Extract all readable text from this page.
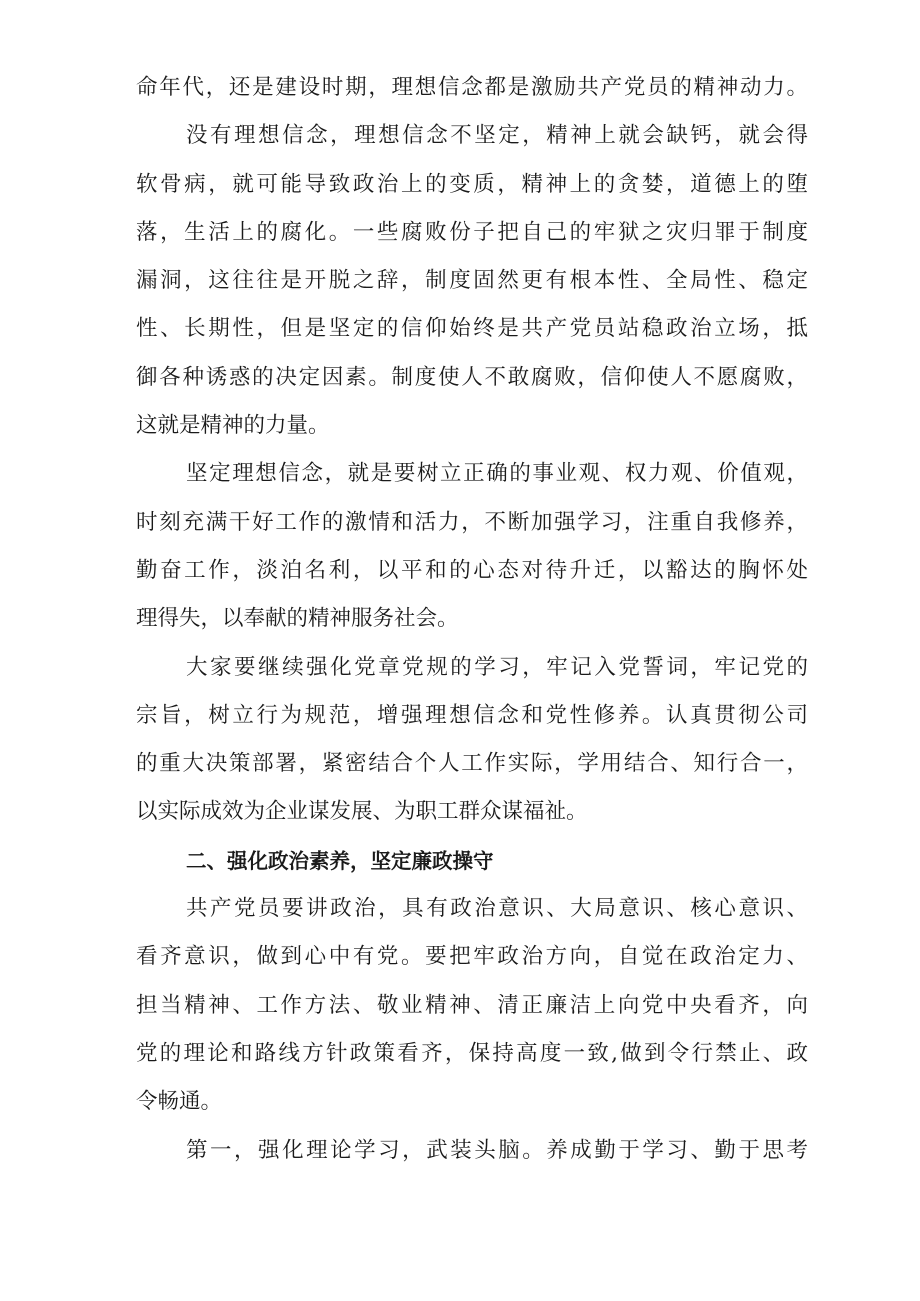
命年代，还是建设时期，理想信念都是激励共产党员的精神动力。
没有理想信念，理想信念不坚定，精神上就会缺钙，就会得
软骨病，就可能导致政治上的变质，精神上的贪婪，道德上的堕
落，生活上的腐化。一些腐败份子把自己的牢狱之灾归罪于制度
漏洞，这往往是开脱之辞，制度固然更有根本性、全局性、稳定
性、长期性，但是坚定的信仰始终是共产党员站稳政治立场，抵
御各种诱惑的决定因素。制度使人不敢腐败，信仰使人不愿腐败，
这就是精神的力量。
坚定理想信念，就是要树立正确的事业观、权力观、价值观，
时刻充满干好工作的激情和活力，不断加强学习，注重自我修养，
勤奋工作，淡泊名利，以平和的心态对待升迁，以豁达的胸怀处
理得失，以奉献的精神服务社会。
大家要继续强化党章党规的学习，牢记入党誓词，牢记党的
宗旨，树立行为规范，增强理想信念和党性修养。认真贯彻公司
的重大决策部署，紧密结合个人工作实际，学用结合、知行合一，
以实际成效为企业谋发展、为职工群众谋福祉。
二、强化政治素养，坚定廉政操守
共产党员要讲政治，具有政治意识、大局意识、核心意识、
看齐意识，做到心中有党。要把牢政治方向，自觉在政治定力、
担当精神、工作方法、敬业精神、清正廉洁上向党中央看齐，向
党的理论和路线方针政策看齐，保持高度一致,做到令行禁止、政
令畅通。
第一，强化理论学习，武装头脑。养成勤于学习、勤于思考
